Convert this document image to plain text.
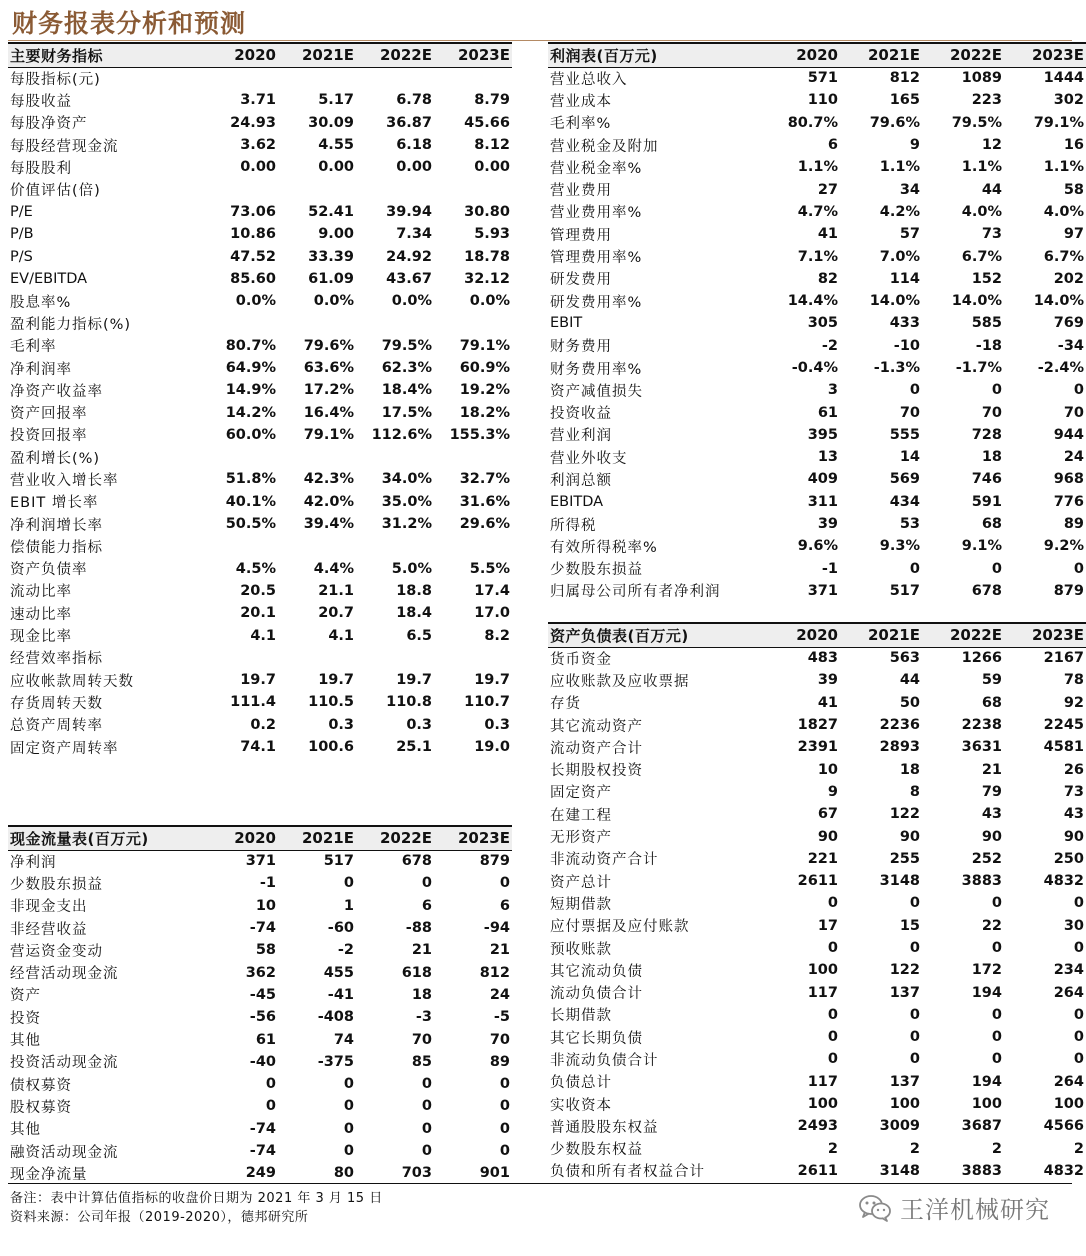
财务报表分析和预测
主要财务指标	2020	2021E	2022E	2023E
每股指标(元)				
每股收益	3.71	5.17	6.78	8.79
每股净资产	24.93	30.09	36.87	45.66
每股经营现金流	3.62	4.55	6.18	8.12
每股股利	0.00	0.00	0.00	0.00
价值评估(倍)				
P/E	73.06	52.41	39.94	30.80
P/B	10.86	9.00	7.34	5.93
P/S	47.52	33.39	24.92	18.78
EV/EBITDA	85.60	61.09	43.67	32.12
股息率%	0.0%	0.0%	0.0%	0.0%
盈利能力指标(%)				
毛利率	80.7%	79.6%	79.5%	79.1%
净利润率	64.9%	63.6%	62.3%	60.9%
净资产收益率	14.9%	17.2%	18.4%	19.2%
资产回报率	14.2%	16.4%	17.5%	18.2%
投资回报率	60.0%	79.1%	112.6%	155.3%
盈利增长(%)				
营业收入增长率	51.8%	42.3%	34.0%	32.7%
EBIT 增长率	40.1%	42.0%	35.0%	31.6%
净利润增长率	50.5%	39.4%	31.2%	29.6%
偿债能力指标				
资产负债率	4.5%	4.4%	5.0%	5.5%
流动比率	20.5	21.1	18.8	17.4
速动比率	20.1	20.7	18.4	17.0
现金比率	4.1	4.1	6.5	8.2
经营效率指标				
应收帐款周转天数	19.7	19.7	19.7	19.7
存货周转天数	111.4	110.5	110.8	110.7
总资产周转率	0.2	0.3	0.3	0.3
固定资产周转率	74.1	100.6	25.1	19.0
现金流量表(百万元)	2020	2021E	2022E	2023E
净利润	371	517	678	879
少数股东损益	-1	0	0	0
非现金支出	10	1	6	6
非经营收益	-74	-60	-88	-94
营运资金变动	58	-2	21	21
经营活动现金流	362	455	618	812
资产	-45	-41	18	24
投资	-56	-408	-3	-5
其他	61	74	70	70
投资活动现金流	-40	-375	85	89
债权募资	0	0	0	0
股权募资	0	0	0	0
其他	-74	0	0	0
融资活动现金流	-74	0	0	0
现金净流量	249	80	703	901
利润表(百万元)	2020	2021E	2022E	2023E
营业总收入	571	812	1089	1444
营业成本	110	165	223	302
毛利率%	80.7%	79.6%	79.5%	79.1%
营业税金及附加	6	9	12	16
营业税金率%	1.1%	1.1%	1.1%	1.1%
营业费用	27	34	44	58
营业费用率%	4.7%	4.2%	4.0%	4.0%
管理费用	41	57	73	97
管理费用率%	7.1%	7.0%	6.7%	6.7%
研发费用	82	114	152	202
研发费用率%	14.4%	14.0%	14.0%	14.0%
EBIT	305	433	585	769
财务费用	-2	-10	-18	-34
财务费用率%	-0.4%	-1.3%	-1.7%	-2.4%
资产减值损失	3	0	0	0
投资收益	61	70	70	70
营业利润	395	555	728	944
营业外收支	13	14	18	24
利润总额	409	569	746	968
EBITDA	311	434	591	776
所得税	39	53	68	89
有效所得税率%	9.6%	9.3%	9.1%	9.2%
少数股东损益	-1	0	0	0
归属母公司所有者净利润	371	517	678	879
资产负债表(百万元)	2020	2021E	2022E	2023E
货币资金	483	563	1266	2167
应收账款及应收票据	39	44	59	78
存货	41	50	68	92
其它流动资产	1827	2236	2238	2245
流动资产合计	2391	2893	3631	4581
长期股权投资	10	18	21	26
固定资产	9	8	79	73
在建工程	67	122	43	43
无形资产	90	90	90	90
非流动资产合计	221	255	252	250
资产总计	2611	3148	3883	4832
短期借款	0	0	0	0
应付票据及应付账款	17	15	22	30
预收账款	0	0	0	0
其它流动负债	100	122	172	234
流动负债合计	117	137	194	264
长期借款	0	0	0	0
其它长期负债	0	0	0	0
非流动负债合计	0	0	0	0
负债总计	117	137	194	264
实收资本	100	100	100	100
普通股股东权益	2493	3009	3687	4566
少数股东权益	2	2	2	2
负债和所有者权益合计	2611	3148	3883	4832
备注：表中计算估值指标的收盘价日期为 2021 年 3 月 15 日
资料来源：公司年报（2019-2020），德邦研究所	王洋机械研究
